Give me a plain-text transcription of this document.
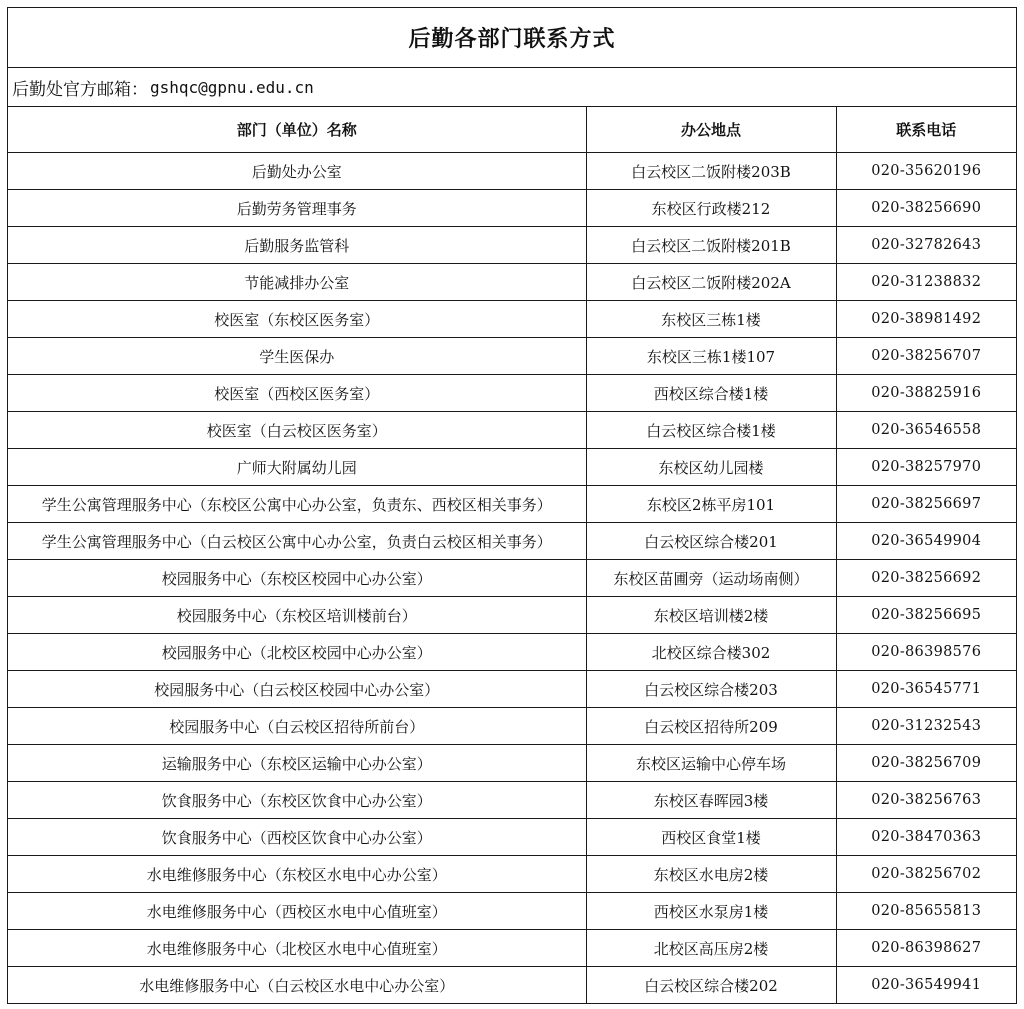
后勤各部门联系方式
后勤处官方邮箱： gshqc@gpnu.edu.cn
部门（单位）名称	办公地点	联系电话
后勤处办公室	白云校区二饭附楼203B	020-35620196
后勤劳务管理事务	东校区行政楼212	020-38256690
后勤服务监管科	白云校区二饭附楼201B	020-32782643
节能减排办公室	白云校区二饭附楼202A	020-31238832
校医室（东校区医务室）	东校区三栋1楼	020-38981492
学生医保办	东校区三栋1楼107	020-38256707
校医室（西校区医务室）	西校区综合楼1楼	020-38825916
校医室（白云校区医务室）	白云校区综合楼1楼	020-36546558
广师大附属幼儿园	东校区幼儿园楼	020-38257970
学生公寓管理服务中心（东校区公寓中心办公室，负责东、西校区相关事务）	东校区2栋平房101	020-38256697
学生公寓管理服务中心（白云校区公寓中心办公室，负责白云校区相关事务）	白云校区综合楼201	020-36549904
校园服务中心（东校区校园中心办公室）	东校区苗圃旁（运动场南侧）	020-38256692
校园服务中心（东校区培训楼前台）	东校区培训楼2楼	020-38256695
校园服务中心（北校区校园中心办公室）	北校区综合楼302	020-86398576
校园服务中心（白云校区校园中心办公室）	白云校区综合楼203	020-36545771
校园服务中心（白云校区招待所前台）	白云校区招待所209	020-31232543
运输服务中心（东校区运输中心办公室）	东校区运输中心停车场	020-38256709
饮食服务中心（东校区饮食中心办公室）	东校区春晖园3楼	020-38256763
饮食服务中心（西校区饮食中心办公室）	西校区食堂1楼	020-38470363
水电维修服务中心（东校区水电中心办公室）	东校区水电房2楼	020-38256702
水电维修服务中心（西校区水电中心值班室）	西校区水泵房1楼	020-85655813
水电维修服务中心（北校区水电中心值班室）	北校区高压房2楼	020-86398627
水电维修服务中心（白云校区水电中心办公室）	白云校区综合楼202	020-36549941
